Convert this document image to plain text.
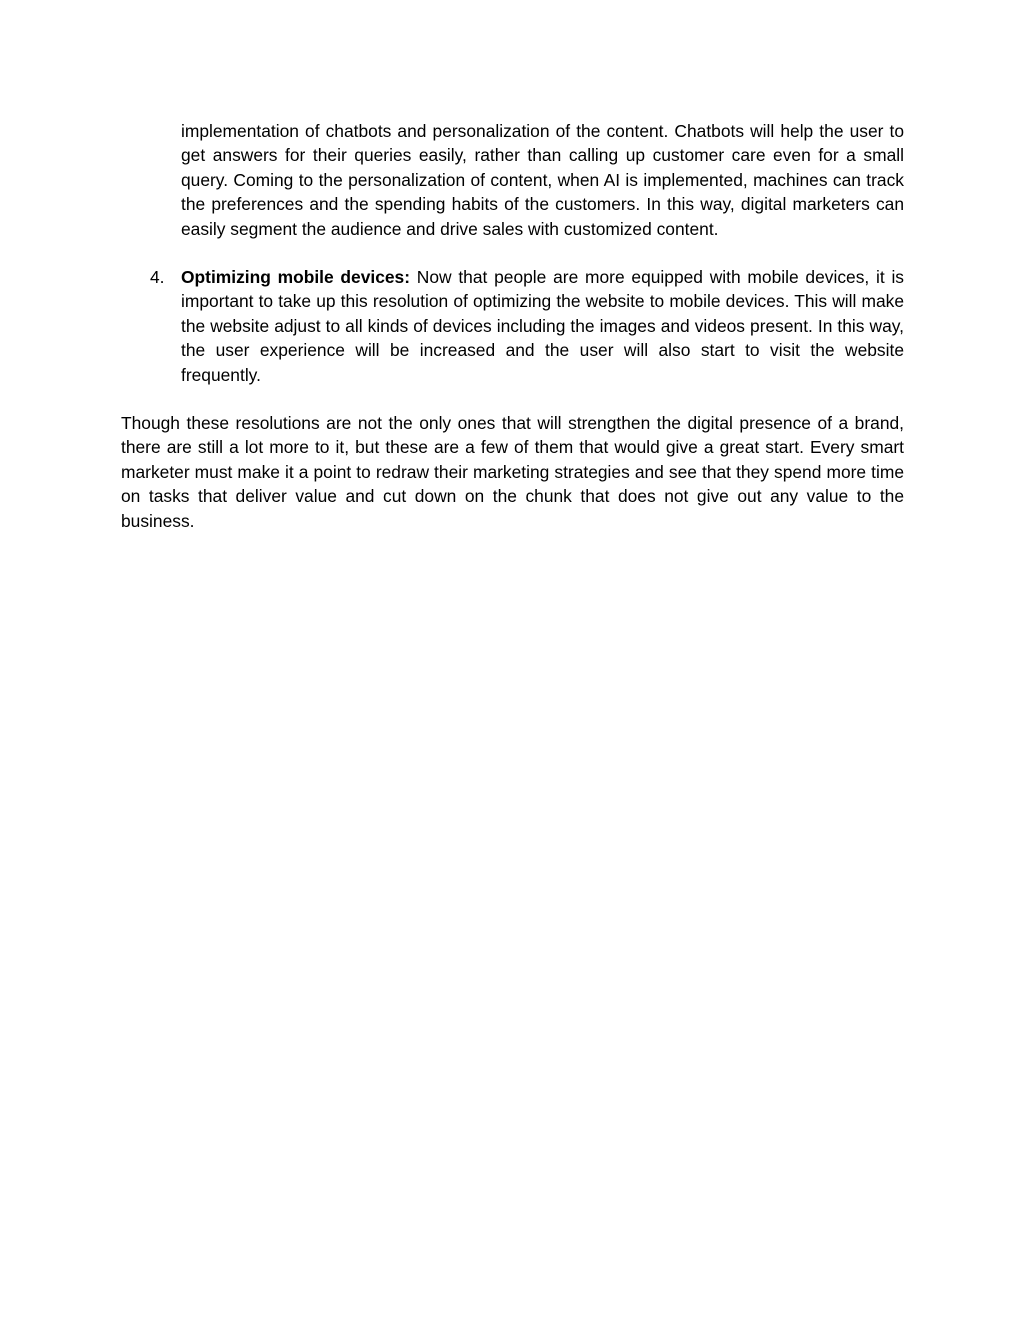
implementation of chatbots and personalization of the content. Chatbots will help the user to get answers for their queries easily, rather than calling up customer care even for a small query. Coming to the personalization of content, when AI is implemented, machines can track the preferences and the spending habits of the customers. In this way, digital marketers can easily segment the audience and drive sales with customized content.

4. Optimizing mobile devices: Now that people are more equipped with mobile devices, it is important to take up this resolution of optimizing the website to mobile devices. This will make the website adjust to all kinds of devices including the images and videos present. In this way, the user experience will be increased and the user will also start to visit the website frequently.

Though these resolutions are not the only ones that will strengthen the digital presence of a brand, there are still a lot more to it, but these are a few of them that would give a great start. Every smart marketer must make it a point to redraw their marketing strategies and see that they spend more time on tasks that deliver value and cut down on the chunk that does not give out any value to the business.
